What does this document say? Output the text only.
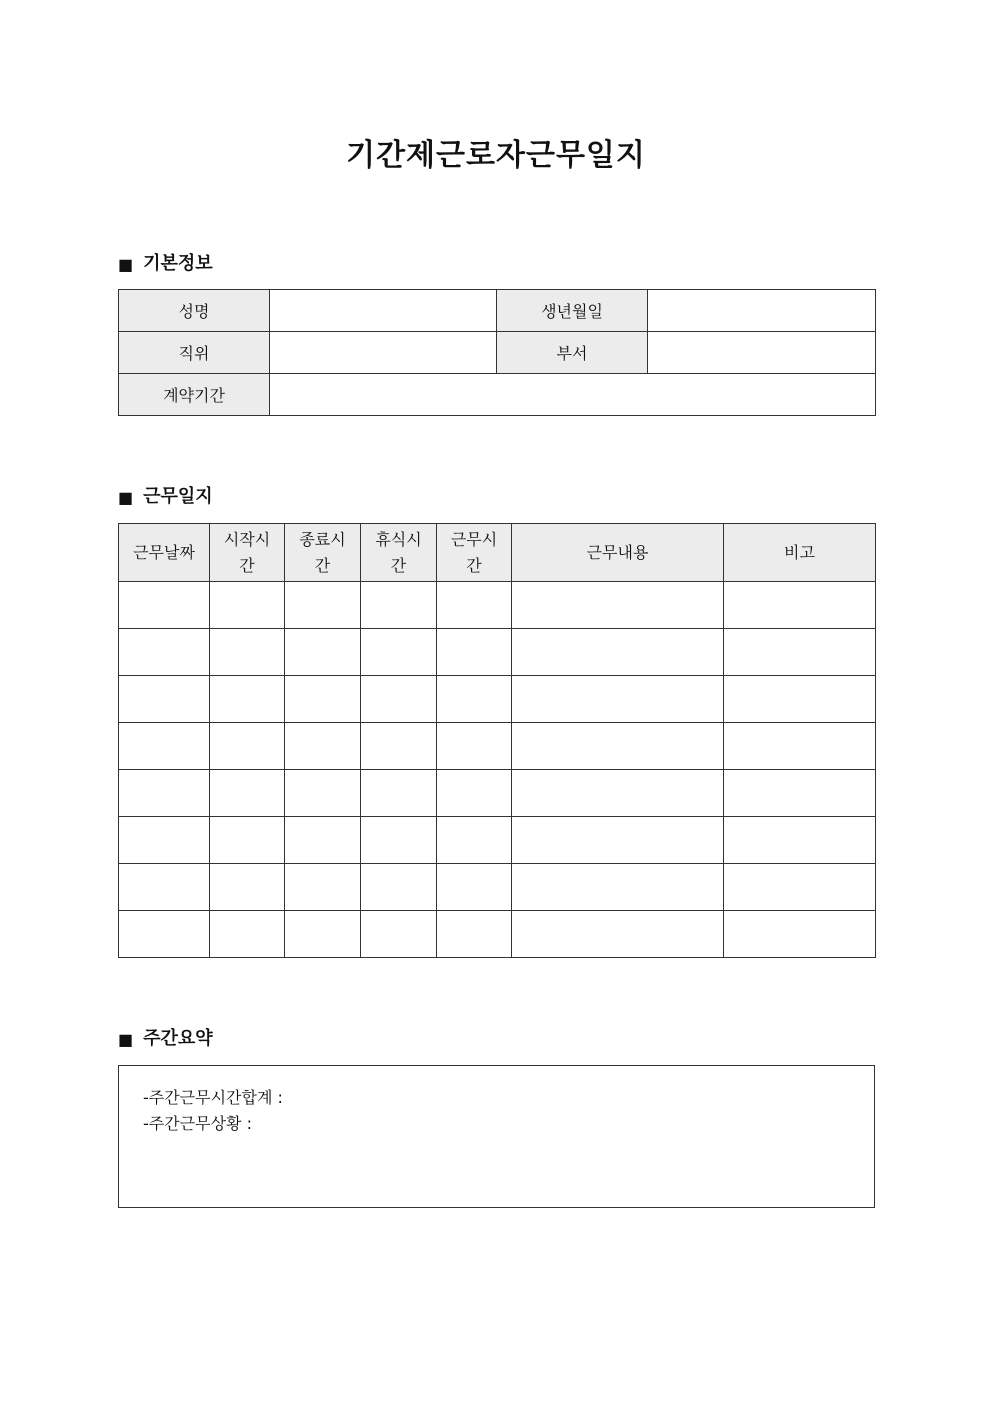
기간제근로자근무일지
■ 기본정보
성명		생년월일	
직위		부서	
계약기간			
■ 근무일지
근무날짜	시작시간	종료시간	휴식시간	근무시간	근무내용	비고

■ 주간요약
-주간근무시간합계 :
-주간근무상황 :
